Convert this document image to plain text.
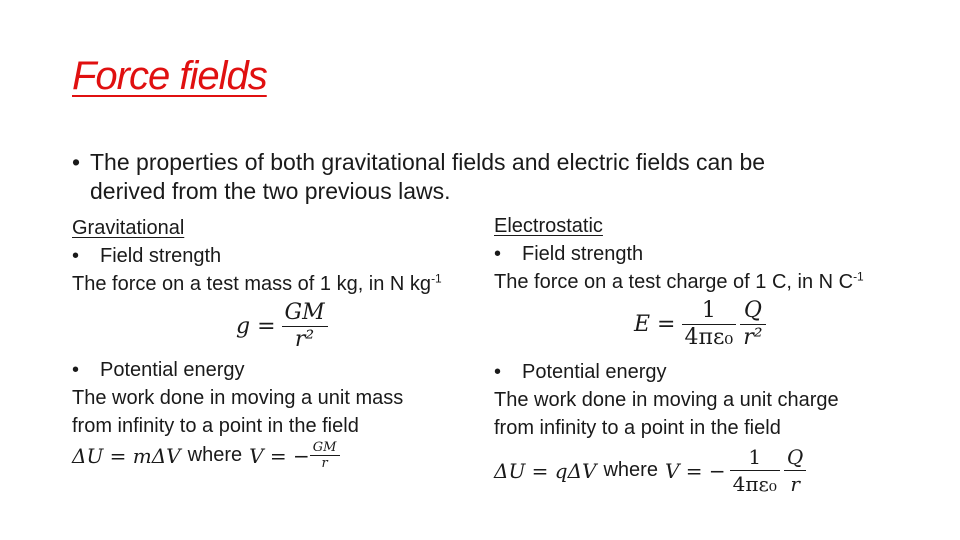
Force fields
• The properties of both gravitational fields and electric fields can be
derived from the two previous laws.
Gravitational
• Field strength
The force on a test mass of 1 kg, in N $kg^{-1}$
$g = \frac{GM}{\text{r²}}$
• Potential energy
The work done in moving a unit mass
from infinity to a point in the field
ΔU = mΔV where V = − $\frac{GM}{r}$
Electrostatic
• Field strength
The force on a test charge of 1 C, in N $C^{-1}$
$E = \frac{1}{\text{4πε₀}} \frac{Q}{\text{r²}}$
• Potential energy
The work done in moving a unit charge
from infinity to a point in the field
ΔU = qΔV where V = − $\frac{1}{\text{4πε₀}} \frac{Q}{r}$
